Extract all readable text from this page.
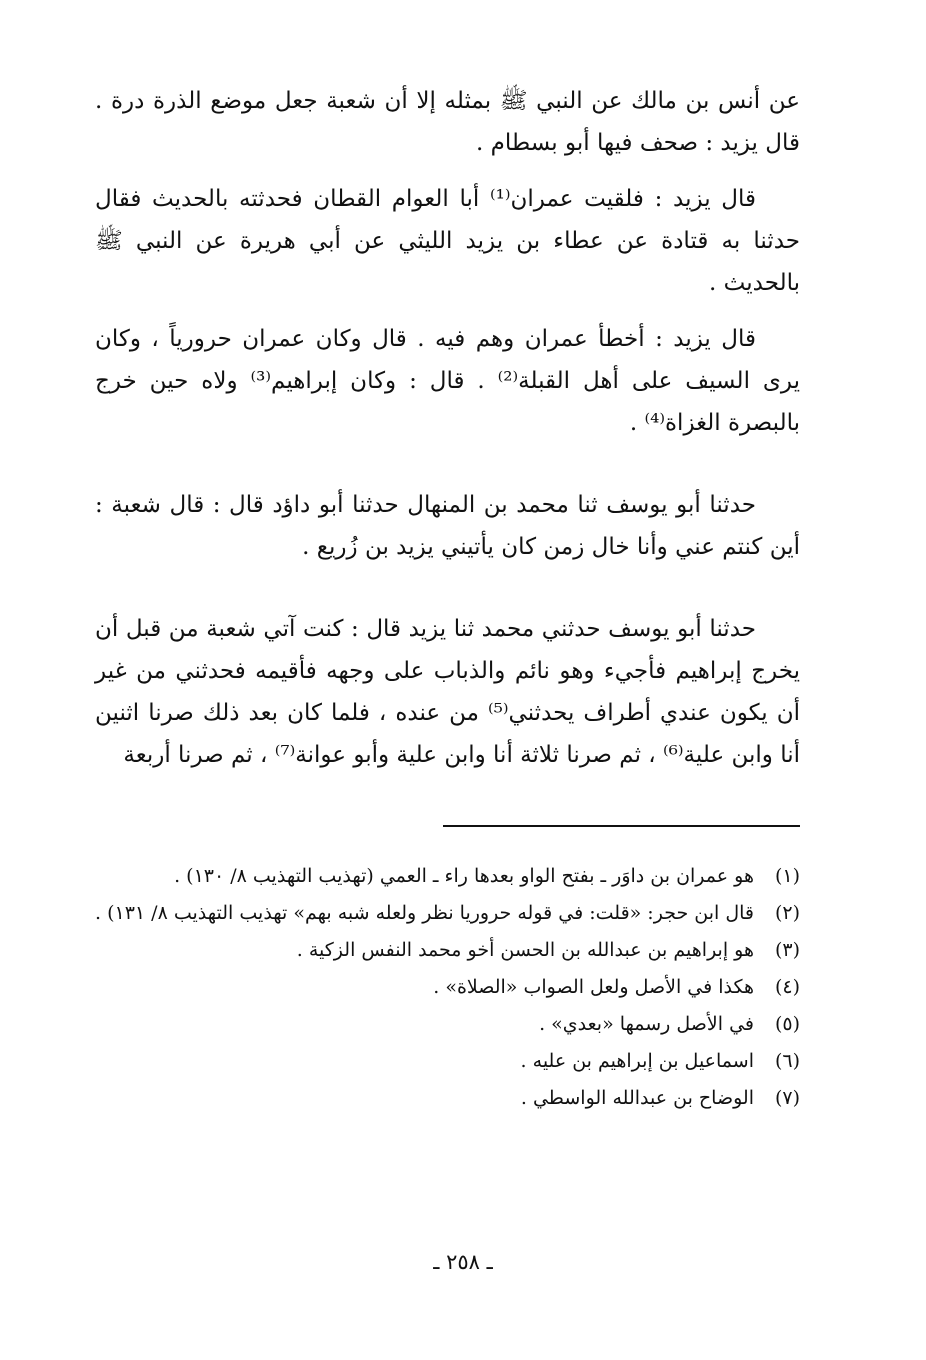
عن أنس بن مالك عن النبي ﷺ بمثله إلا أن شعبة جعل موضع الذرة درة . قال يزيد : صحف فيها أبو بسطام .

قال يزيد : فلقيت عمران⁽¹⁾ أبا العوام القطان فحدثته بالحديث فقال حدثنا به قتادة عن عطاء بن يزيد الليثي عن أبي هريرة عن النبي ﷺ بالحديث .

قال يزيد : أخطأ عمران وهم فيه . قال وكان عمران حرورياً ، وكان يرى السيف على أهل القبلة⁽²⁾ . قال : وكان إبراهيم⁽³⁾ ولاه حين خرج بالبصرة الغزاة⁽⁴⁾ .

حدثنا أبو يوسف ثنا محمد بن المنهال حدثنا أبو داؤد قال : قال شعبة : أين كنتم عني وأنا خال زمن كان يأتيني يزيد بن زُريع .

حدثنا أبو يوسف حدثني محمد ثنا يزيد قال : كنت آتي شعبة من قبل أن يخرج إبراهيم فأجيء وهو نائم والذباب على وجهه فأقيمه فحدثني من غير أن يكون عندي أطراف يحدثني⁽⁵⁾ من عنده ، فلما كان بعد ذلك صرنا اثنين أنا وابن علية⁽⁶⁾ ، ثم صرنا ثلاثة أنا وابن علية وأبو عوانة⁽⁷⁾ ، ثم صرنا أربعة

(١)
هو عمران بن داوَر ـ بفتح الواو بعدها راء ـ العمي (تهذيب التهذيب ٨/ ١٣٠) .
(٢)
قال ابن حجر: «قلت: في قوله حروريا نظر ولعله شبه بهم» تهذيب التهذيب ٨/ ١٣١) .
(٣)
هو إبراهيم بن عبدالله بن الحسن أخو محمد النفس الزكية .
(٤)
هكذا في الأصل ولعل الصواب «الصلاة» .
(٥)
في الأصل رسمها «بعدي» .
(٦)
اسماعيل بن إبراهيم بن عليه .
(٧)
الوضاح بن عبدالله الواسطي .
ـ ٢٥٨ ـ
